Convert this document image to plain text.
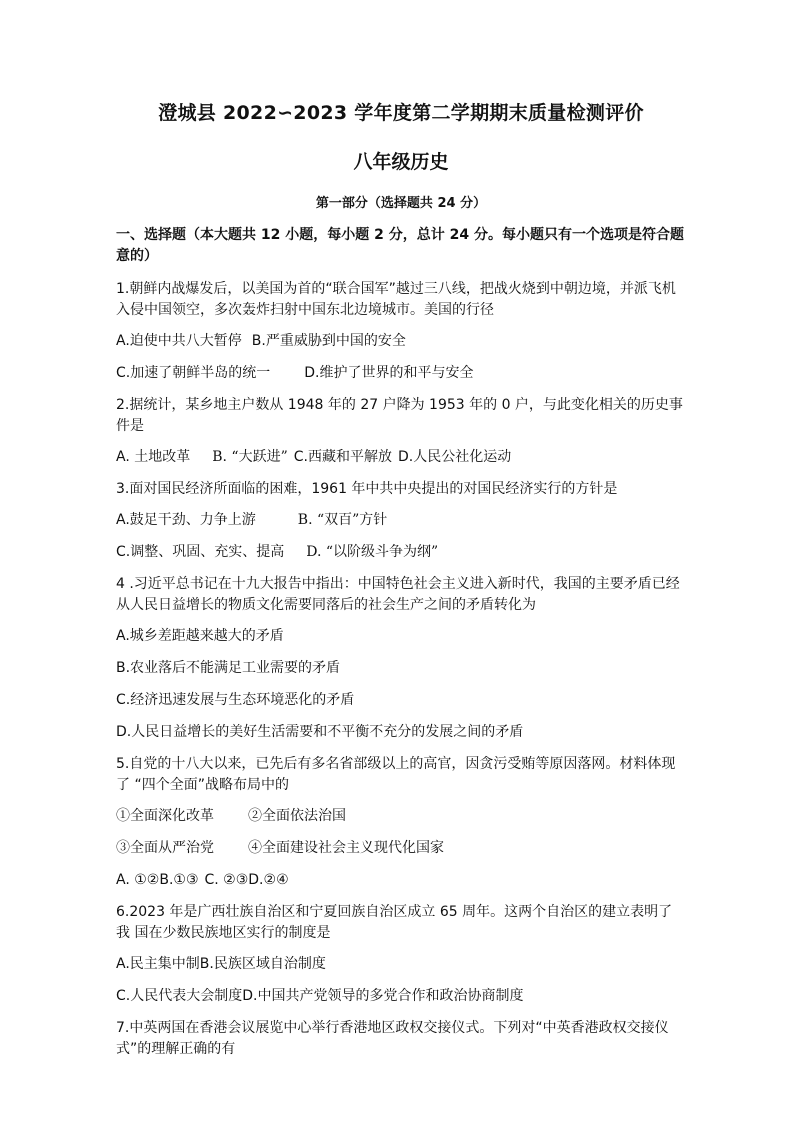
澄城县 2022∽2023 学年度第二学期期末质量检测评价
八年级历史
第一部分（选择题共 24 分）
一、选择题（本大题共 12 小题，每小题 2 分，总计 24 分。每小题只有一个选项是符合题意的）
1.朝鲜内战爆发后，以美国为首的“联合国军”越过三八线，把战火烧到中朝边境，并派飞机入侵中国领空，多次轰炸扫射中国东北边境城市。美国的行径
A.迫使中共八大暂停 B.严重威胁到中国的安全
C.加速了朝鲜半岛的统一 D.维护了世界的和平与安全
2.据统计，某乡地主户数从 1948 年的 27 户降为 1953 年的 0 户，与此变化相关的历史事件是
A. 土地改革 B. “大跃进” C.西藏和平解放 D.人民公社化运动
3.面对国民经济所面临的困难，1961 年中共中央提出的对国民经济实行的方针是
A.鼓足干劲、力争上游	B. “双百”方针
C.调整、巩固、充实、提高 D. “以阶级斗争为纲”
4 .习近平总书记在十九大报告中指出：中国特色社会主义进入新时代，我国的主要矛盾已经从人民日益增长的物质文化需要同落后的社会生产之间的矛盾转化为
A.城乡差距越来越大的矛盾
B.农业落后不能满足工业需要的矛盾
C.经济迅速发展与生态环境恶化的矛盾
D.人民日益增长的美好生活需要和不平衡不充分的发展之间的矛盾
5.自党的十八大以来，已先后有多名省部级以上的高官，因贪污受贿等原因落网。材料体现了 “四个全面”战略布局中的
①全面深化改革 ②全面依法治国
③全面从严治党 ④全面建设社会主义现代化国家
A. ①②B.①③ C. ②③D.②④
6.2023 年是广西壮族自治区和宁夏回族自治区成立 65 周年。这两个自治区的建立表明了我 国在少数民族地区实行的制度是
A.民主集中制B.民族区域自治制度
C.人民代表大会制度D.中国共产党领导的多党合作和政治协商制度
7.中英两国在香港会议展览中心举行香港地区政权交接仪式。下列对“中英香港政权交接仪 式”的理解正确的有
